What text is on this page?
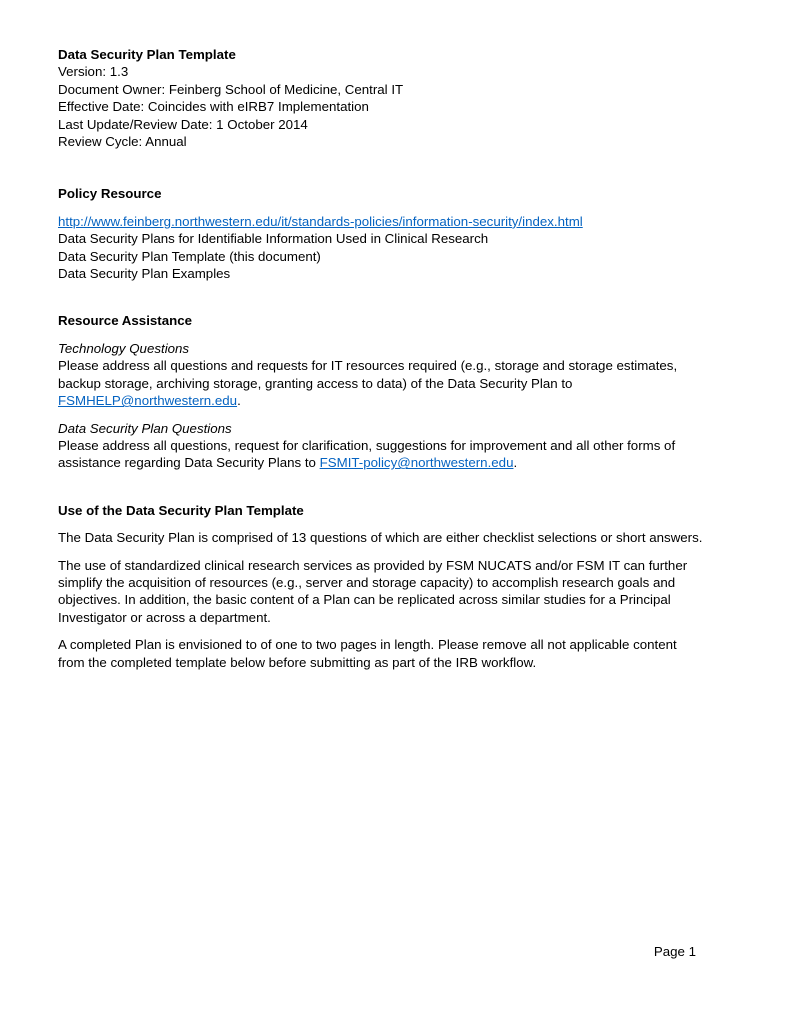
Data Security Plan Template
Version: 1.3
Document Owner: Feinberg School of Medicine, Central IT
Effective Date: Coincides with eIRB7 Implementation
Last Update/Review Date: 1 October 2014
Review Cycle: Annual
Policy Resource
http://www.feinberg.northwestern.edu/it/standards-policies/information-security/index.html
Data Security Plans for Identifiable Information Used in Clinical Research
Data Security Plan Template (this document)
Data Security Plan Examples
Resource Assistance
Technology Questions
Please address all questions and requests for IT resources required (e.g., storage and storage estimates,
backup storage, archiving storage, granting access to data) of the Data Security Plan to
FSMHELP@northwestern.edu.
Data Security Plan Questions
Please address all questions, request for clarification, suggestions for improvement and all other forms of
assistance regarding Data Security Plans to FSMIT-policy@northwestern.edu.
Use of the Data Security Plan Template
The Data Security Plan is comprised of 13 questions of which are either checklist selections or short answers.
The use of standardized clinical research services as provided by FSM NUCATS and/or FSM IT can further
simplify the acquisition of resources (e.g., server and storage capacity) to accomplish research goals and
objectives. In addition, the basic content of a Plan can be replicated across similar studies for a Principal
Investigator or across a department.
A completed Plan is envisioned to of one to two pages in length. Please remove all not applicable content
from the completed template below before submitting as part of the IRB workflow.
Page 1
